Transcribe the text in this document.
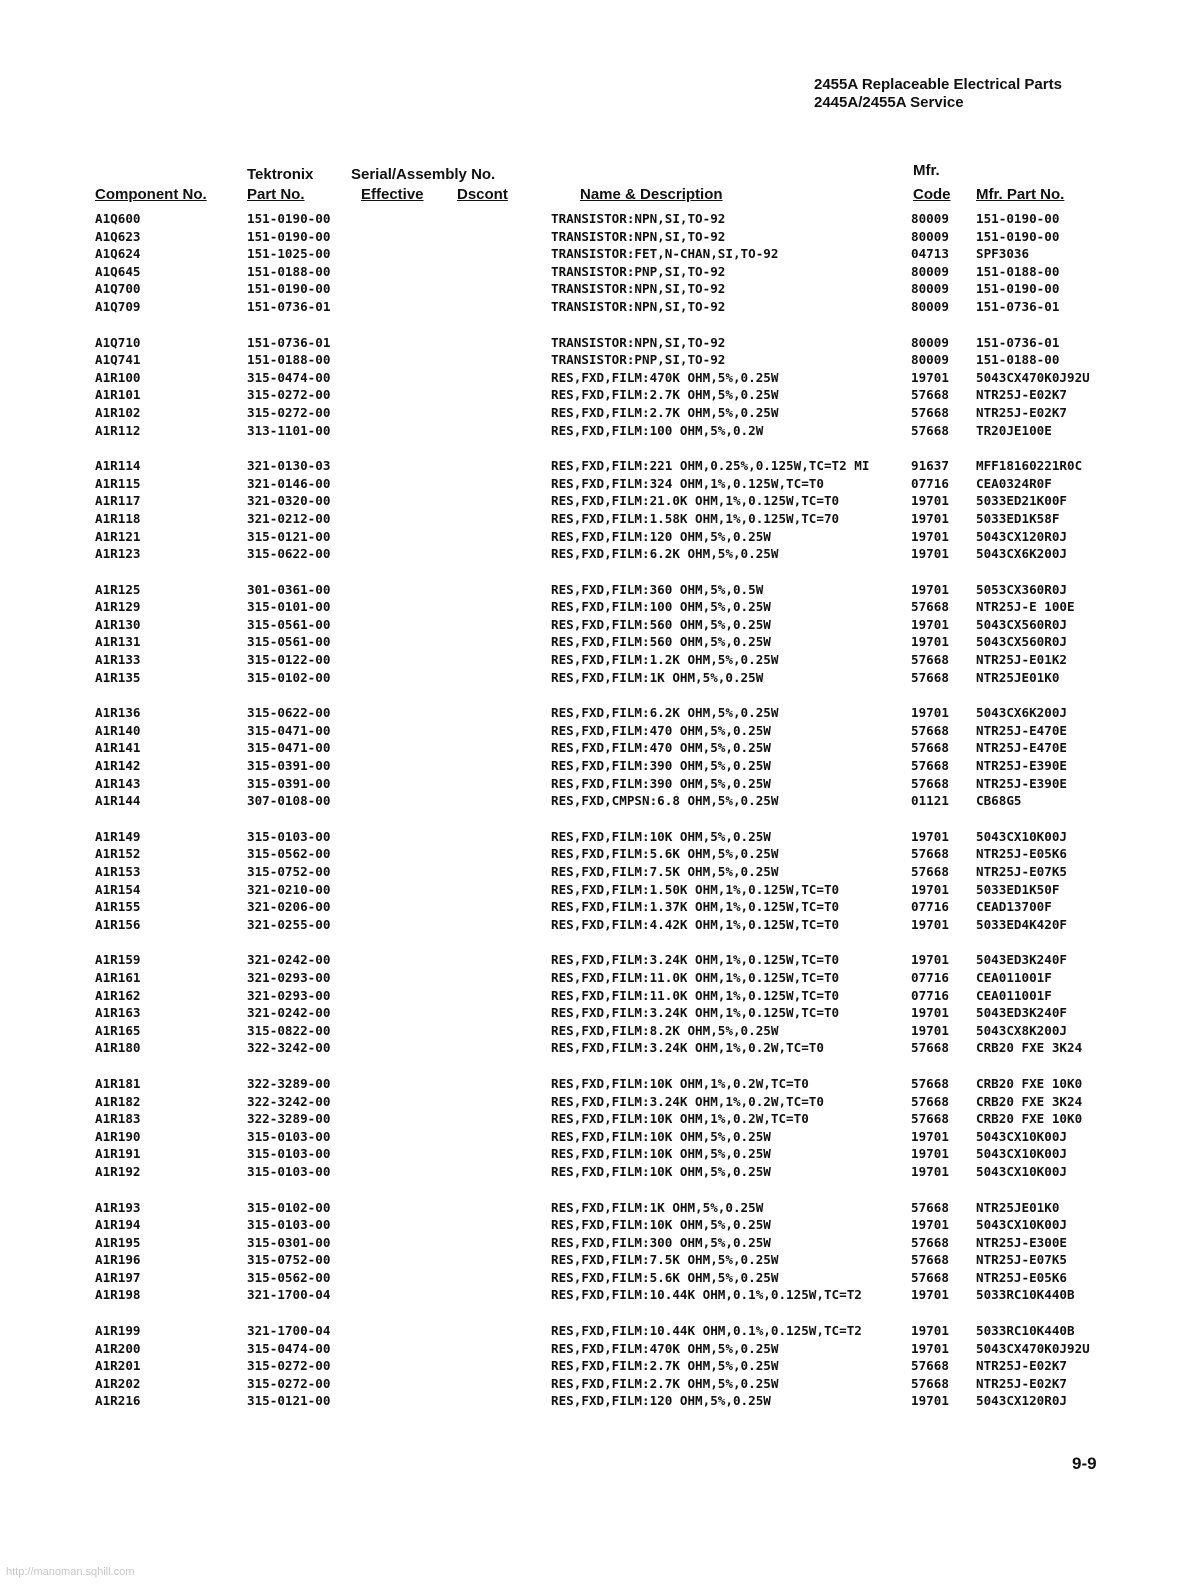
2455A Replaceable Electrical Parts
2445A/2455A Service
Tektronix	Serial/Assembly No.	Mfr.
Component No.	Part No.	Effective Dscont	Name & Description	Code Mfr. Part No.
A1Q600	151-0190-00	TRANSISTOR:NPN,SI,TO-92	80009 151-0190-00
A1Q623	151-0190-00	TRANSISTOR:NPN,SI,TO-92	80009 151-0190-00
A1Q624	151-1025-00	TRANSISTOR:FET,N-CHAN,SI,TO-92	04713 SPF3036
A1Q645	151-0188-00	TRANSISTOR:PNP,SI,TO-92	80009 151-0188-00
A1Q700	151-0190-00	TRANSISTOR:NPN,SI,TO-92	80009 151-0190-00
A1Q709	151-0736-01	TRANSISTOR:NPN,SI,TO-92	80009 151-0736-01
A1Q710	151-0736-01	TRANSISTOR:NPN,SI,TO-92	80009 151-0736-01
A1Q741	151-0188-00	TRANSISTOR:PNP,SI,TO-92	80009 151-0188-00
A1R100	315-0474-00	RES,FXD,FILM:470K OHM,5%,0.25W	19701 5043CX470K0J92U
A1R101	315-0272-00	RES,FXD,FILM:2.7K OHM,5%,0.25W	57668 NTR25J-E02K7
A1R102	315-0272-00	RES,FXD,FILM:2.7K OHM,5%,0.25W	57668 NTR25J-E02K7
A1R112	313-1101-00	RES,FXD,FILM:100 OHM,5%,0.2W	57668 TR20JE100E
A1R114	321-0130-03	RES,FXD,FILM:221 OHM,0.25%,0.125W,TC=T2 MI	91637 MFF18160221R0C
A1R115	321-0146-00	RES,FXD,FILM:324 OHM,1%,0.125W,TC=T0	07716 CEA0324R0F
A1R117	321-0320-00	RES,FXD,FILM:21.0K OHM,1%,0.125W,TC=T0	19701 5033ED21K00F
A1R118	321-0212-00	RES,FXD,FILM:1.58K OHM,1%,0.125W,TC=70	19701 5033ED1K58F
A1R121	315-0121-00	RES,FXD,FILM:120 OHM,5%,0.25W	19701 5043CX120R0J
A1R123	315-0622-00	RES,FXD,FILM:6.2K OHM,5%,0.25W	19701 5043CX6K200J
A1R125	301-0361-00	RES,FXD,FILM:360 OHM,5%,0.5W	19701 5053CX360R0J
A1R129	315-0101-00	RES,FXD,FILM:100 OHM,5%,0.25W	57668 NTR25J-E 100E
A1R130	315-0561-00	RES,FXD,FILM:560 OHM,5%,0.25W	19701 5043CX560R0J
A1R131	315-0561-00	RES,FXD,FILM:560 OHM,5%,0.25W	19701 5043CX560R0J
A1R133	315-0122-00	RES,FXD,FILM:1.2K OHM,5%,0.25W	57668 NTR25J-E01K2
A1R135	315-0102-00	RES,FXD,FILM:1K OHM,5%,0.25W	57668 NTR25JE01K0
A1R136	315-0622-00	RES,FXD,FILM:6.2K OHM,5%,0.25W	19701 5043CX6K200J
A1R140	315-0471-00	RES,FXD,FILM:470 OHM,5%,0.25W	57668 NTR25J-E470E
A1R141	315-0471-00	RES,FXD,FILM:470 OHM,5%,0.25W	57668 NTR25J-E470E
A1R142	315-0391-00	RES,FXD,FILM:390 OHM,5%,0.25W	57668 NTR25J-E390E
A1R143	315-0391-00	RES,FXD,FILM:390 OHM,5%,0.25W	57668 NTR25J-E390E
A1R144	307-0108-00	RES,FXD,CMPSN:6.8 OHM,5%,0.25W	01121 CB68G5
A1R149	315-0103-00	RES,FXD,FILM:10K OHM,5%,0.25W	19701 5043CX10K00J
A1R152	315-0562-00	RES,FXD,FILM:5.6K OHM,5%,0.25W	57668 NTR25J-E05K6
A1R153	315-0752-00	RES,FXD,FILM:7.5K OHM,5%,0.25W	57668 NTR25J-E07K5
A1R154	321-0210-00	RES,FXD,FILM:1.50K OHM,1%,0.125W,TC=T0	19701 5033ED1K50F
A1R155	321-0206-00	RES,FXD,FILM:1.37K OHM,1%,0.125W,TC=T0	07716 CEAD13700F
A1R156	321-0255-00	RES,FXD,FILM:4.42K OHM,1%,0.125W,TC=T0	19701 5033ED4K420F
A1R159	321-0242-00	RES,FXD,FILM:3.24K OHM,1%,0.125W,TC=T0	19701 5043ED3K240F
A1R161	321-0293-00	RES,FXD,FILM:11.0K OHM,1%,0.125W,TC=T0	07716 CEA011001F
A1R162	321-0293-00	RES,FXD,FILM:11.0K OHM,1%,0.125W,TC=T0	07716 CEA011001F
A1R163	321-0242-00	RES,FXD,FILM:3.24K OHM,1%,0.125W,TC=T0	19701 5043ED3K240F
A1R165	315-0822-00	RES,FXD,FILM:8.2K OHM,5%,0.25W	19701 5043CX8K200J
A1R180	322-3242-00	RES,FXD,FILM:3.24K OHM,1%,0.2W,TC=T0	57668 CRB20 FXE 3K24
A1R181	322-3289-00	RES,FXD,FILM:10K OHM,1%,0.2W,TC=T0	57668 CRB20 FXE 10K0
A1R182	322-3242-00	RES,FXD,FILM:3.24K OHM,1%,0.2W,TC=T0	57668 CRB20 FXE 3K24
A1R183	322-3289-00	RES,FXD,FILM:10K OHM,1%,0.2W,TC=T0	57668 CRB20 FXE 10K0
A1R190	315-0103-00	RES,FXD,FILM:10K OHM,5%,0.25W	19701 5043CX10K00J
A1R191	315-0103-00	RES,FXD,FILM:10K OHM,5%,0.25W	19701 5043CX10K00J
A1R192	315-0103-00	RES,FXD,FILM:10K OHM,5%,0.25W	19701 5043CX10K00J
A1R193	315-0102-00	RES,FXD,FILM:1K OHM,5%,0.25W	57668 NTR25JE01K0
A1R194	315-0103-00	RES,FXD,FILM:10K OHM,5%,0.25W	19701 5043CX10K00J
A1R195	315-0301-00	RES,FXD,FILM:300 OHM,5%,0.25W	57668 NTR25J-E300E
A1R196	315-0752-00	RES,FXD,FILM:7.5K OHM,5%,0.25W	57668 NTR25J-E07K5
A1R197	315-0562-00	RES,FXD,FILM:5.6K OHM,5%,0.25W	57668 NTR25J-E05K6
A1R198	321-1700-04	RES,FXD,FILM:10.44K OHM,0.1%,0.125W,TC=T2	19701 5033RC10K440B
A1R199	321-1700-04	RES,FXD,FILM:10.44K OHM,0.1%,0.125W,TC=T2	19701 5033RC10K440B
A1R200	315-0474-00	RES,FXD,FILM:470K OHM,5%,0.25W	19701 5043CX470K0J92U
A1R201	315-0272-00	RES,FXD,FILM:2.7K OHM,5%,0.25W	57668 NTR25J-E02K7
A1R202	315-0272-00	RES,FXD,FILM:2.7K OHM,5%,0.25W	57668 NTR25J-E02K7
A1R216	315-0121-00	RES,FXD,FILM:120 OHM,5%,0.25W	19701 5043CX120R0J
9-9
http://manoman.sqhill.com
